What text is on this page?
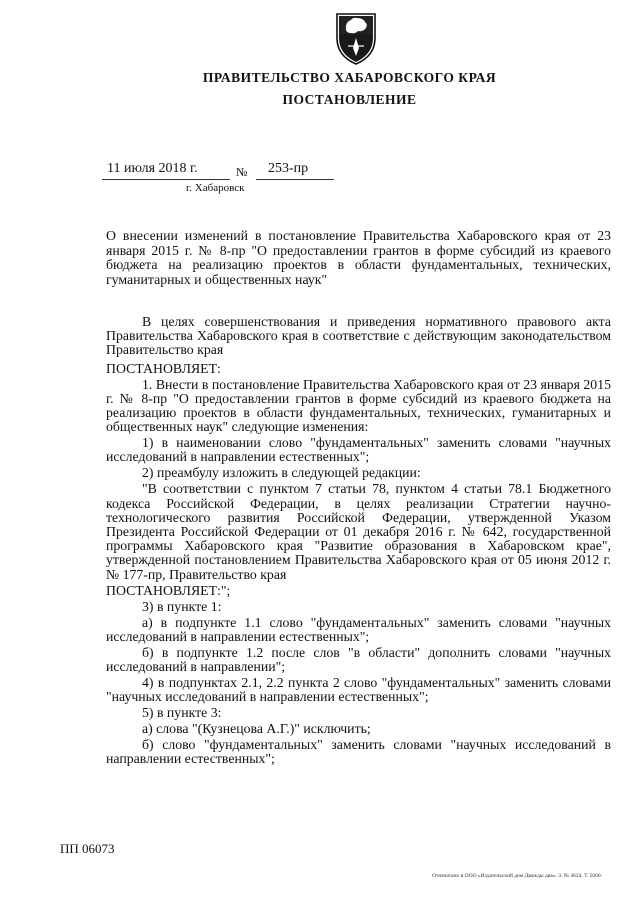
ПРАВИТЕЛЬСТВО ХАБАРОВСКОГО КРАЯ
ПОСТАНОВЛЕНИЕ
11 июля 2018 г.	№ 253-пр
г. Хабаровск
О внесении изменений в постановление Правительства Хабаровского края от 23 января 2015 г. № 8-пр "О предоставлении грантов в форме субсидий из краевого бюджета на реализацию проектов в области фундаментальных, технических, гуманитарных и общественных наук"

В целях совершенствования и приведения нормативного правового акта Правительства Хабаровского края в соответствие с действующим законодательством Правительство края

ПОСТАНОВЛЯЕТ:

1. Внести в постановление Правительства Хабаровского края от 23 января 2015 г. № 8-пр "О предоставлении грантов в форме субсидий из краевого бюджета на реализацию проектов в области фундаментальных, технических, гуманитарных и общественных наук" следующие изменения:

1) в наименовании слово "фундаментальных" заменить словами "научных исследований в направлении естественных";

2) преамбулу изложить в следующей редакции:

"В соответствии с пунктом 7 статьи 78, пунктом 4 статьи 78.1 Бюджетного кодекса Российской Федерации, в целях реализации Стратегии научно-технологического развития Российской Федерации, утвержденной Указом Президента Российской Федерации от 01 декабря 2016 г. № 642, государственной программы Хабаровского края "Развитие образования в Хабаровском крае", утвержденной постановлением Правительства Хабаровского края от 05 июня 2012 г. № 177-пр, Правительство края

ПОСТАНОВЛЯЕТ:";

3) в пункте 1:

а) в подпункте 1.1 слово "фундаментальных" заменить словами "научных исследований в направлении естественных";

б) в подпункте 1.2 после слов "в области" дополнить словами "научных исследований в направлении";

4) в подпунктах 2.1, 2.2 пункта 2 слово "фундаментальных" заменить словами "научных исследований в направлении естественных";

5) в пункте 3:

а) слова "(Кузнецова А.Г.)" исключить;

б) слово "фундаментальных" заменить словами "научных исследований в направлении естественных";

ПП 06073
Отпечатано в ООО «Издательский дом Дважды два». З. № 4624. Т. 5000.
